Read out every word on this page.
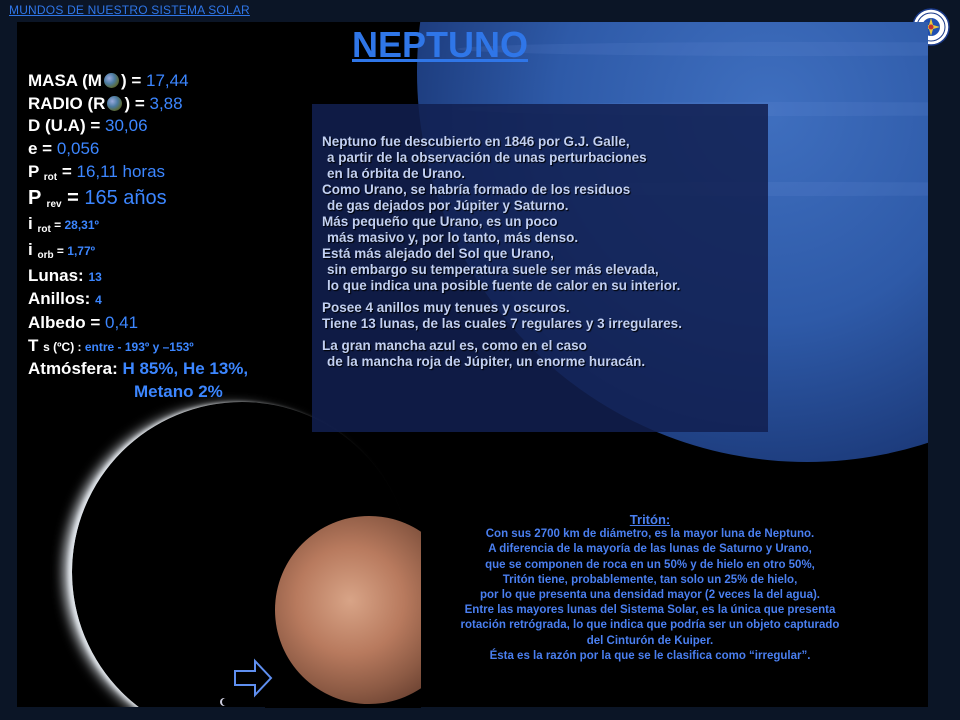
MUNDOS DE NUESTRO SISTEMA SOLAR
NEPTUNO
MASA (M ) = 17,44
RADIO (R ) = 3,88
D (U.A) = 30,06
e = 0,056
P rot = 16,11 horas
P rev = 165 años
i rot = 28,31º
i orb = 1,77º
Lunas: 13
Anillos: 4
Albedo = 0,41
T s (ºC) : entre - 193º y –153º
Atmósfera: H 85%, He 13%,
Metano 2%
Neptuno fue descubierto en 1846 por G.J. Galle,
a partir de la observación de unas perturbaciones
en la órbita de Urano.
Como Urano, se habría formado de los residuos
de gas dejados por Júpiter y Saturno.
Más pequeño que Urano, es un poco
más masivo y, por lo tanto, más denso.
Está más alejado del Sol que Urano,
sin embargo su temperatura suele ser más elevada,
lo que indica una posible fuente de calor en su interior.
Posee 4 anillos muy tenues y oscuros.
Tiene 13 lunas, de las cuales 7 regulares y 3 irregulares.
La gran mancha azul es, como en el caso
de la mancha roja de Júpiter, un enorme huracán.
Tritón:
Con sus 2700 km de diámetro, es la mayor luna de Neptuno.
A diferencia de la mayoría de las lunas de Saturno y Urano,
que se componen de roca en un 50% y de hielo en otro 50%,
Tritón tiene, probablemente, tan solo un 25% de hielo,
por lo que presenta una densidad mayor (2 veces la del agua).
Entre las mayores lunas del Sistema Solar, es la única que presenta
rotación retrógrada, lo que indica que podría ser un objeto capturado
del Cinturón de Kuiper.
Ésta es la razón por la que se le clasifica como “irregular”.
